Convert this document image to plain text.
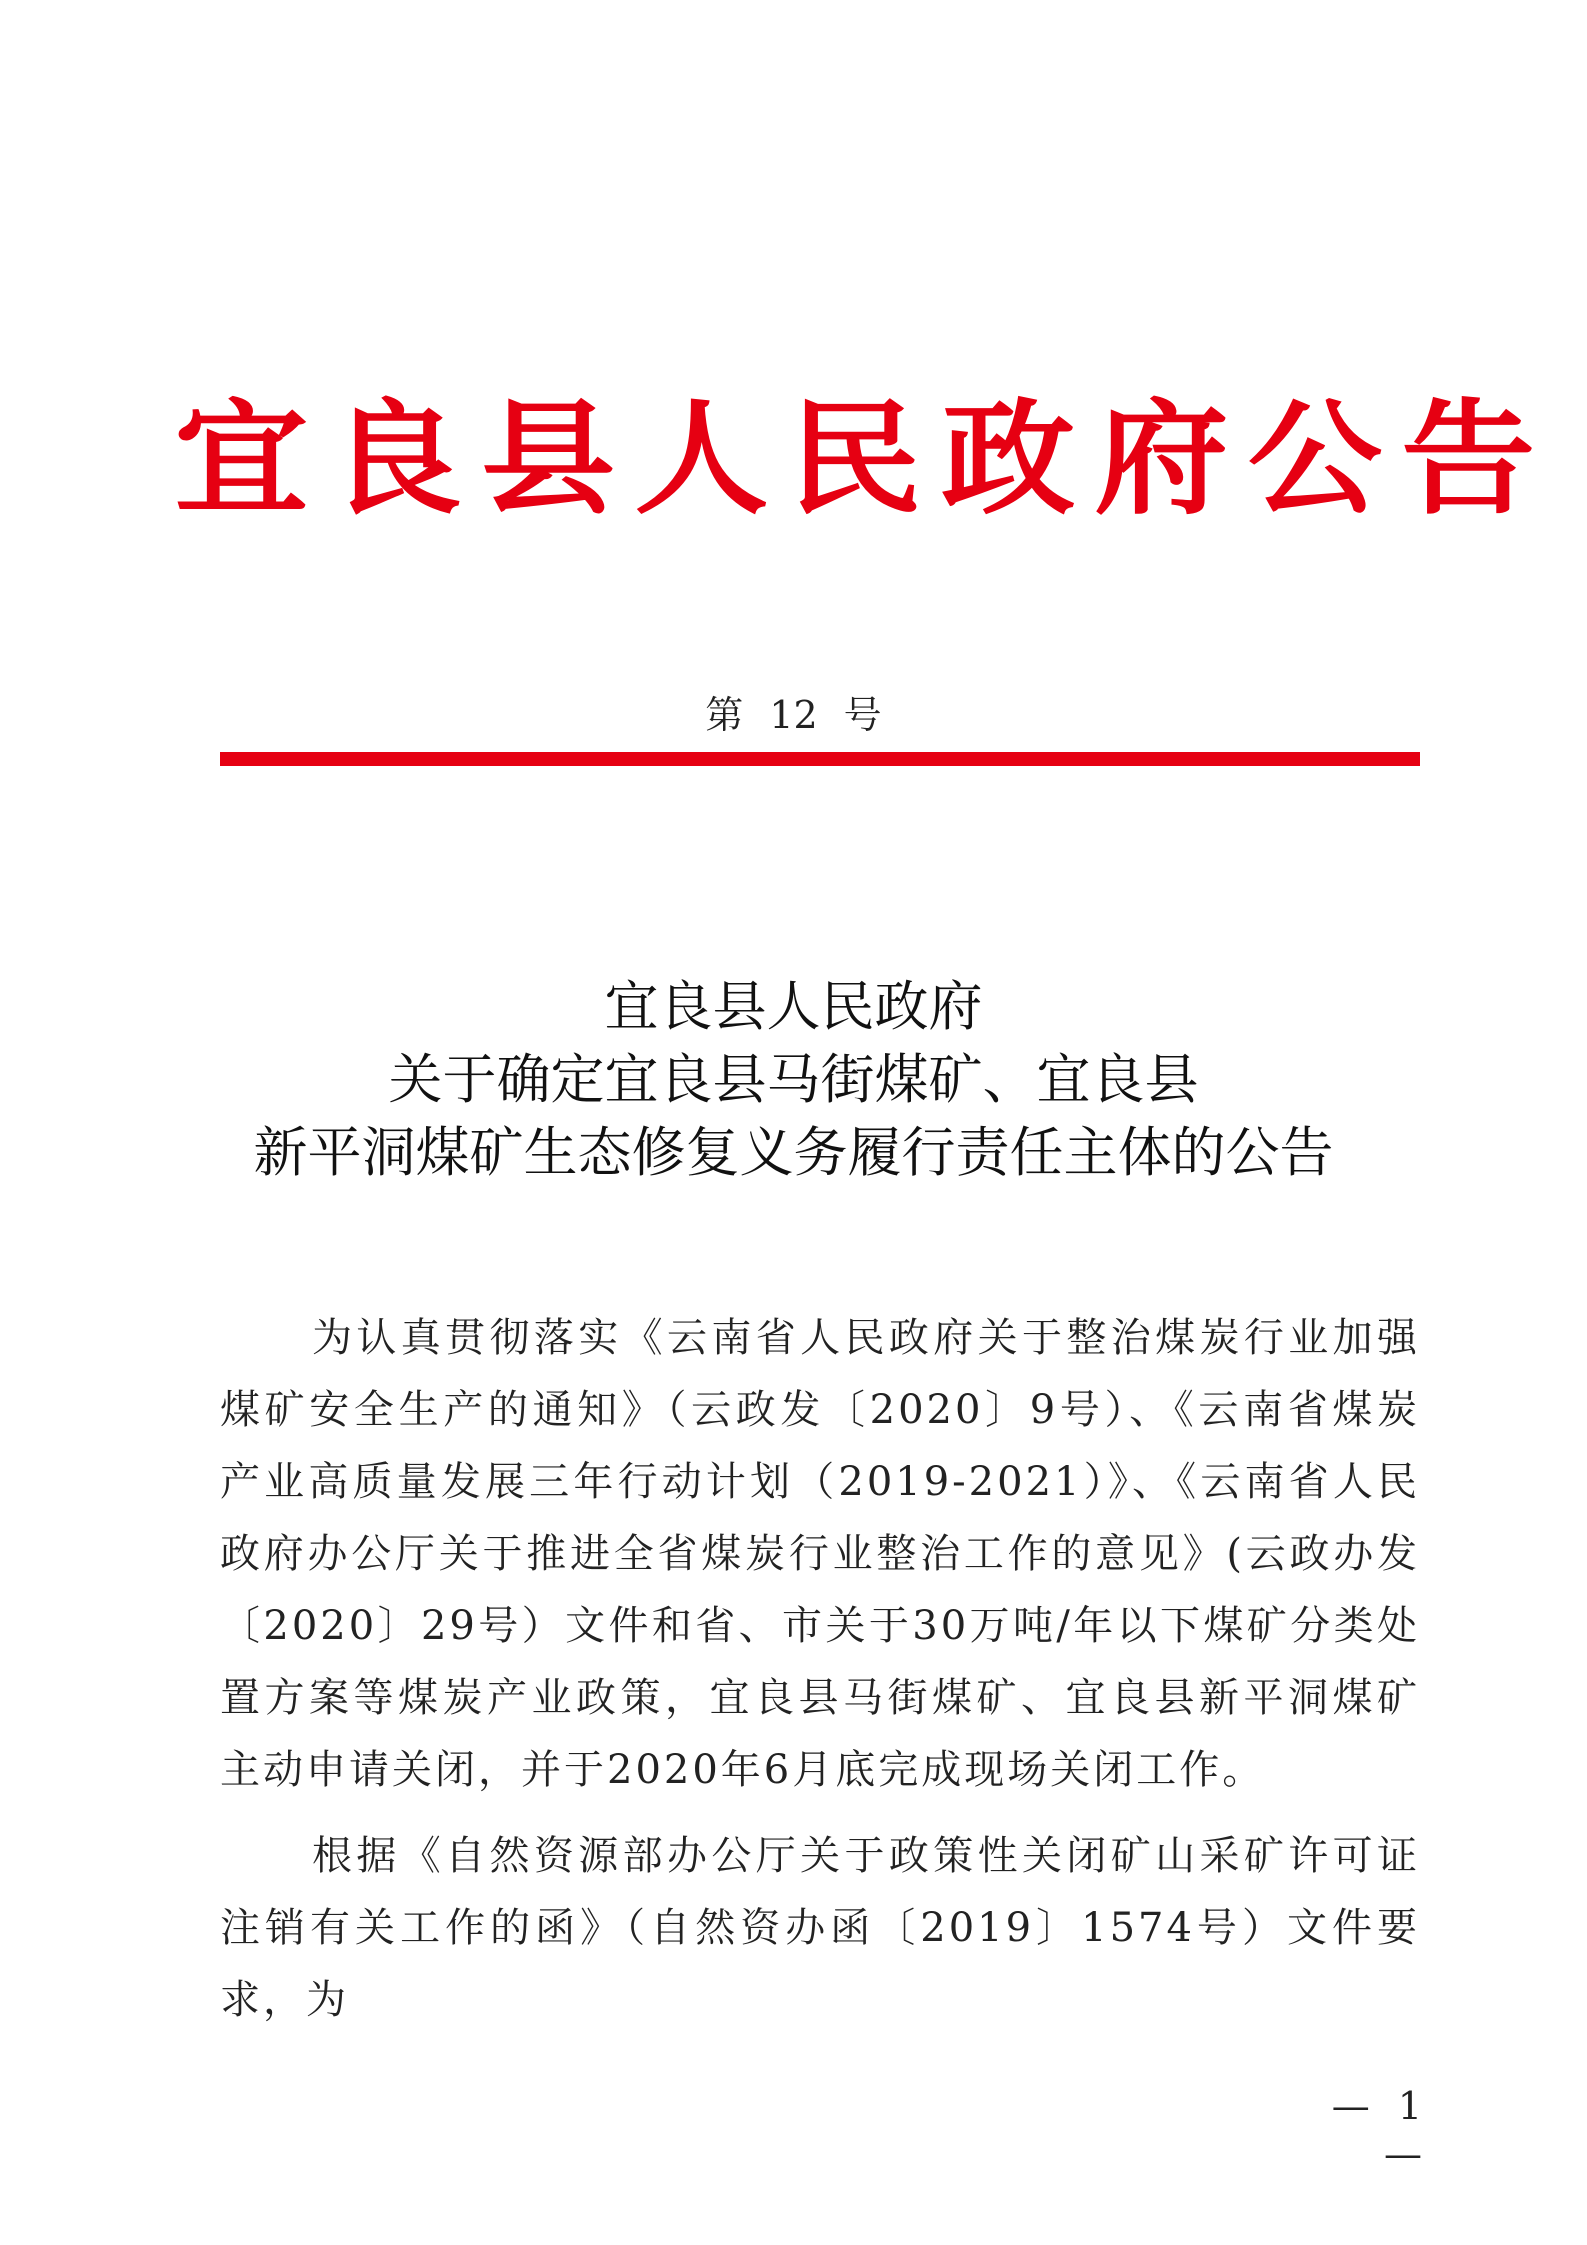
宜良县人民政府公告
第 12 号
宜良县人民政府
关于确定宜良县马街煤矿、宜良县
新平洞煤矿生态修复义务履行责任主体的公告

为认真贯彻落实《云南省人民政府关于整治煤炭行业加强煤矿安全生产的通知》（云政发〔2020〕9号）、《云南省煤炭产业高质量发展三年行动计划（2019-2021）》、《云南省人民政府办公厅关于推进全省煤炭行业整治工作的意见》(云政办发〔2020〕29号）文件和省、市关于30万吨/年以下煤矿分类处置方案等煤炭产业政策，宜良县马街煤矿、宜良县新平洞煤矿主动申请关闭，并于2020年6月底完成现场关闭工作。

根据《自然资源部办公厅关于政策性关闭矿山采矿许可证注销有关工作的函》（自然资办函〔2019〕1574号）文件要求，为

— 1 —
